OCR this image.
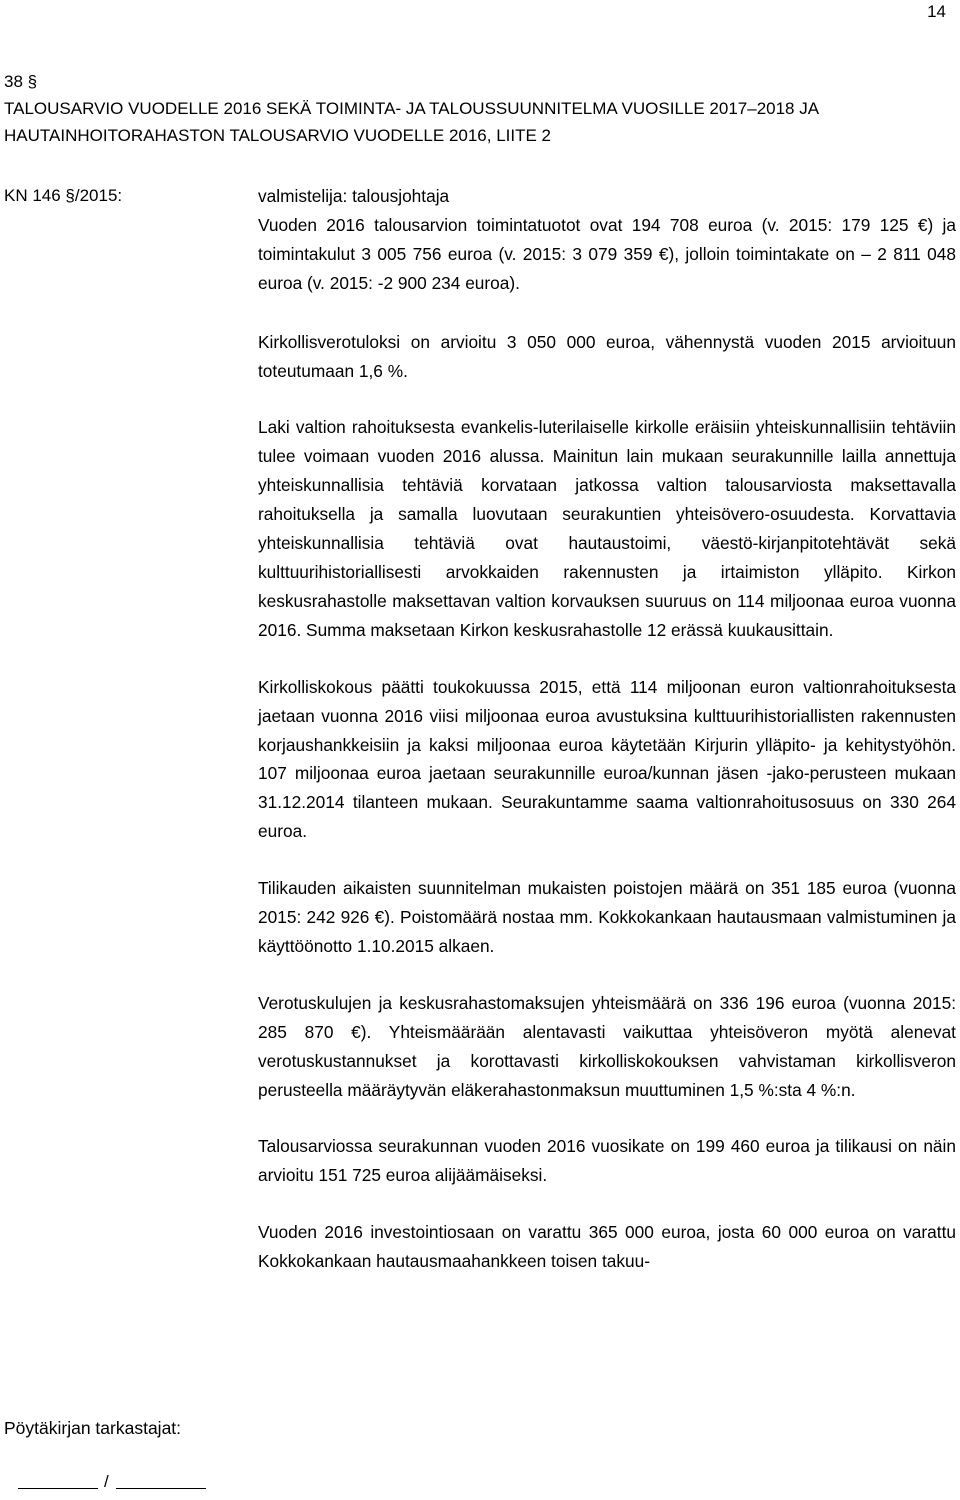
14
38 §
TALOUSARVIO VUODELLE 2016 SEKÄ TOIMINTA- JA TALOUSSUUNNITELMA VUOSILLE 2017–2018 JA
HAUTAINHOITORAHASTON TALOUSARVIO VUODELLE 2016, LIITE 2
KN 146 §/2015:	valmistelija: talousjohtaja
Vuoden 2016 talousarvion toimintatuotot ovat 194 708 euroa (v. 2015: 179 125 €) ja toimintakulut 3 005 756 euroa (v. 2015: 3 079 359 €), jolloin toimintakate on – 2 811 048 euroa (v. 2015: -2 900 234 euroa).

Kirkollisverotuloksi on arvioitu 3 050 000 euroa, vähennystä vuoden 2015 arvioituun toteutumaan 1,6 %.

Laki valtion rahoituksesta evankelis-luterilaiselle kirkolle eräisiin yhteiskunnallisiin tehtäviin tulee voimaan vuoden 2016 alussa. Mainitun lain mukaan seurakunnille lailla annettuja yhteiskunnallisia tehtäviä korvataan jatkossa valtion talousarviosta maksettavalla rahoituksella ja samalla luovutaan seurakuntien yhteisövero-osuudesta. Korvattavia yhteiskunnallisia tehtäviä ovat hautaustoimi, väestö-kirjanpitotehtävät sekä kulttuurihistoriallisesti arvokkaiden rakennusten ja irtaimiston ylläpito. Kirkon keskusrahastolle maksettavan valtion korvauksen suuruus on 114 miljoonaa euroa vuonna 2016. Summa maksetaan Kirkon keskusrahastolle 12 erässä kuukausittain.

Kirkolliskokous päätti toukokuussa 2015, että 114 miljoonan euron valtionrahoituksesta jaetaan vuonna 2016 viisi miljoonaa euroa avustuksina kulttuurihistoriallisten rakennusten korjaushankkeisiin ja kaksi miljoonaa euroa käytetään Kirjurin ylläpito- ja kehitystyöhön. 107 miljoonaa euroa jaetaan seurakunnille euroa/kunnan jäsen -jako-perusteen mukaan 31.12.2014 tilanteen mukaan. Seurakuntamme saama valtionrahoitusosuus on 330 264 euroa.

Tilikauden aikaisten suunnitelman mukaisten poistojen määrä on 351 185 euroa (vuonna 2015: 242 926 €). Poistomäärä nostaa mm. Kokkokankaan hautausmaan valmistuminen ja käyttöönotto 1.10.2015 alkaen.

Verotuskulujen ja keskusrahastomaksujen yhteismäärä on 336 196 euroa (vuonna 2015: 285 870 €). Yhteismäärään alentavasti vaikuttaa yhteisöveron myötä alenevat verotuskustannukset ja korottavasti kirkolliskokouksen vahvistaman kirkollisveron perusteella määräytyvän eläkerahastonmaksun muuttuminen 1,5 %:sta 4 %:n.

Talousarviossa seurakunnan vuoden 2016 vuosikate on 199 460 euroa ja tilikausi on näin arvioitu 151 725 euroa alijäämäiseksi.

Vuoden 2016 investointiosaan on varattu 365 000 euroa, josta 60 000 euroa on varattu Kokkokankaan hautausmaahankkeen toisen takuu-

Pöytäkirjan tarkastajat:
/
